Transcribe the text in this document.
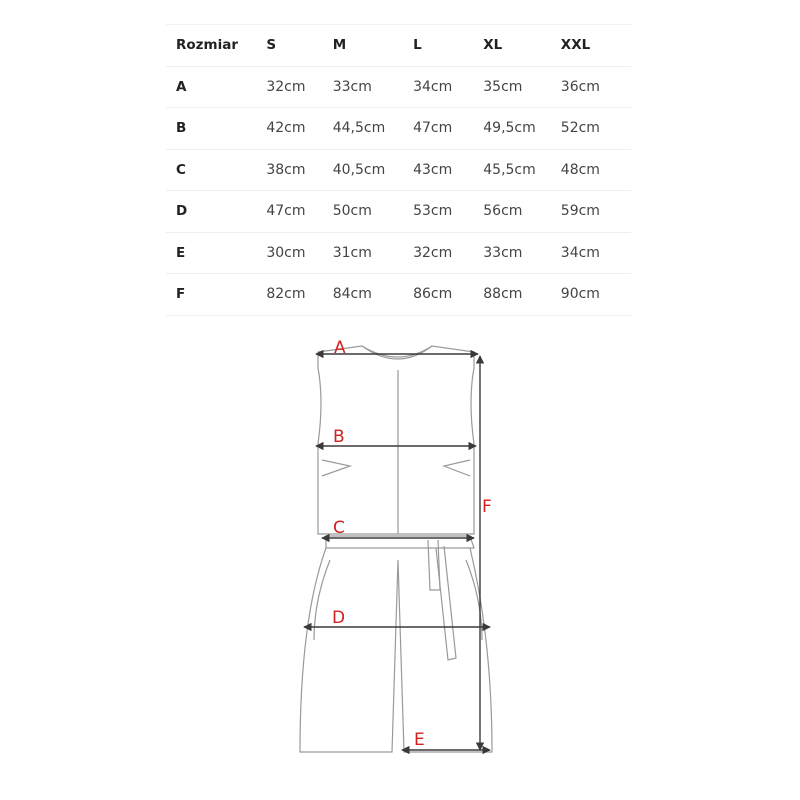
Rozmiar	S	M	L	XL	XXL
A	32cm	33cm	34cm	35cm	36cm
B	42cm	44,5cm	47cm	49,5cm	52cm
C	38cm	40,5cm	43cm	45,5cm	48cm
D	47cm	50cm	53cm	56cm	59cm
E	30cm	31cm	32cm	33cm	34cm
F	82cm	84cm	86cm	88cm	90cm
A
B
C
D
E
F
